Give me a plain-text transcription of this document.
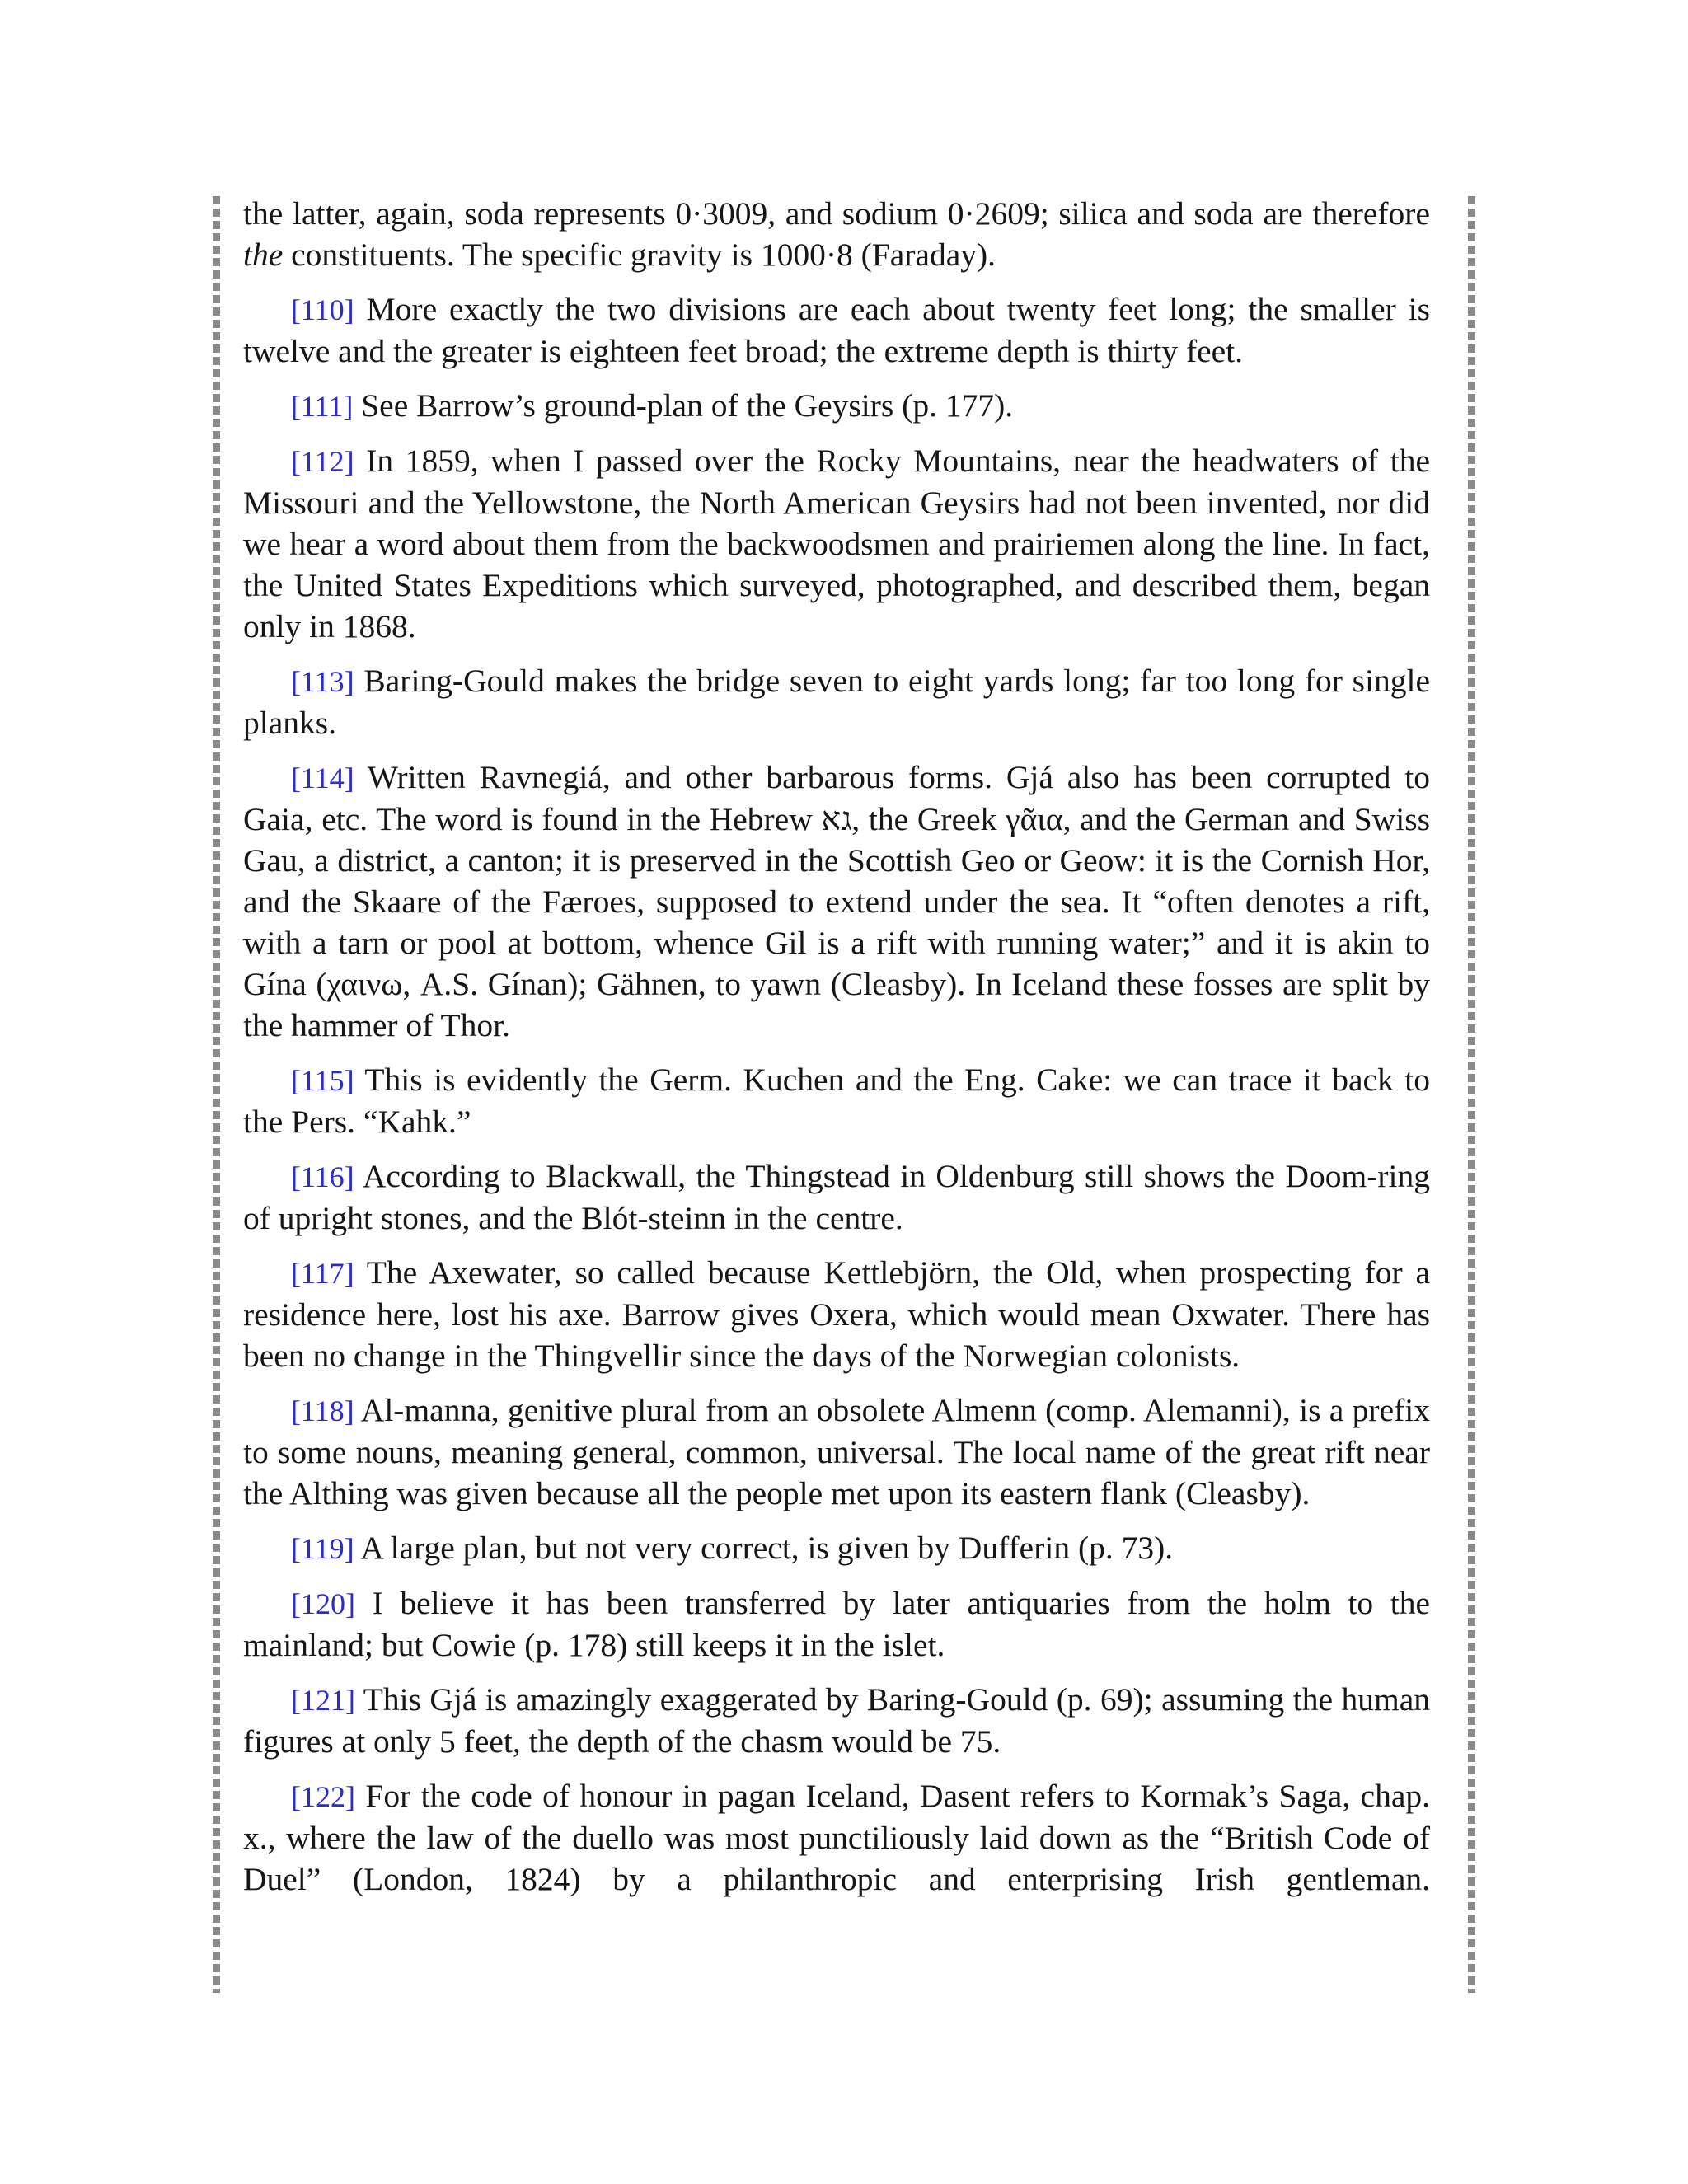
the latter, again, soda represents 0·3009, and sodium 0·2609; silica and soda are therefore the constituents. The specific gravity is 1000·8 (Faraday).

[110] More exactly the two divisions are each about twenty feet long; the smaller is twelve and the greater is eighteen feet broad; the extreme depth is thirty feet.

[111] See Barrow’s ground-plan of the Geysirs (p. 177).

[112] In 1859, when I passed over the Rocky Mountains, near the headwaters of the Missouri and the Yellowstone, the North American Geysirs had not been invented, nor did we hear a word about them from the backwoodsmen and prairiemen along the line. In fact, the United States Expeditions which surveyed, photographed, and described them, began only in 1868.

[113] Baring-Gould makes the bridge seven to eight yards long; far too long for single planks.

[114] Written Ravnegiá, and other barbarous forms. Gjá also has been corrupted to Gaia, etc. The word is found in the Hebrew גא, the Greek γᾶια, and the German and Swiss Gau, a district, a canton; it is preserved in the Scottish Geo or Geow: it is the Cornish Hor, and the Skaare of the Færoes, supposed to extend under the sea. It “often denotes a rift, with a tarn or pool at bottom, whence Gil is a rift with running water;” and it is akin to Gína (χαινω, A.S. Gínan); Gähnen, to yawn (Cleasby). In Iceland these fosses are split by the hammer of Thor.

[115] This is evidently the Germ. Kuchen and the Eng. Cake: we can trace it back to the Pers. “Kahk.”

[116] According to Blackwall, the Thingstead in Oldenburg still shows the Doom-ring of upright stones, and the Blót-steinn in the centre.

[117] The Axewater, so called because Kettlebjörn, the Old, when prospecting for a residence here, lost his axe. Barrow gives Oxera, which would mean Oxwater. There has been no change in the Thingvellir since the days of the Norwegian colonists.

[118] Al-manna, genitive plural from an obsolete Almenn (comp. Alemanni), is a prefix to some nouns, meaning general, common, universal. The local name of the great rift near the Althing was given because all the people met upon its eastern flank (Cleasby).

[119] A large plan, but not very correct, is given by Dufferin (p. 73).

[120] I believe it has been transferred by later antiquaries from the holm to the mainland; but Cowie (p. 178) still keeps it in the islet.

[121] This Gjá is amazingly exaggerated by Baring-Gould (p. 69); assuming the human figures at only 5 feet, the depth of the chasm would be 75.

[122] For the code of honour in pagan Iceland, Dasent refers to Kormak’s Saga, chap. x., where the law of the duello was most punctiliously laid down as the “British Code of Duel” (London, 1824) by a philanthropic and enterprising Irish gentleman.
